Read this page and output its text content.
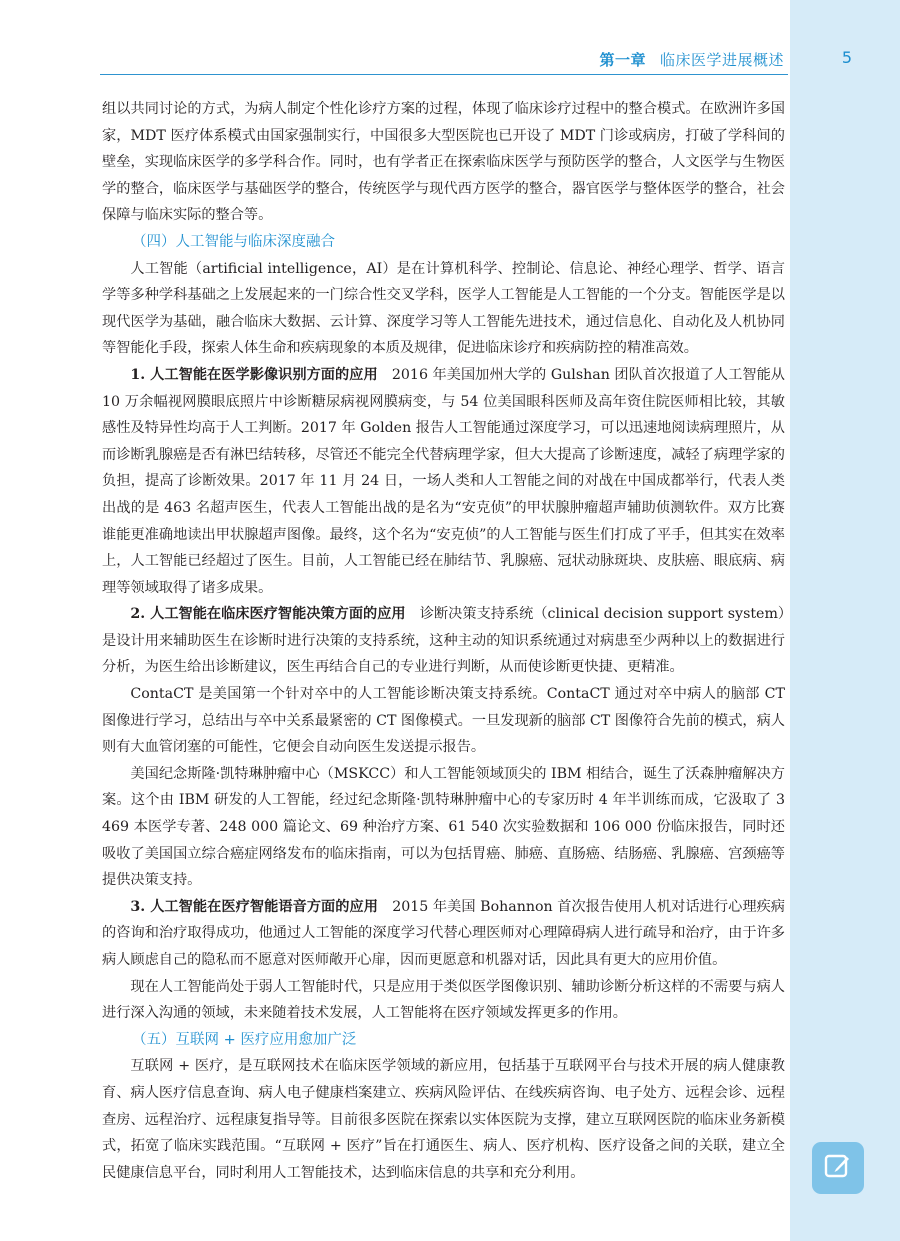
第一章 临床医学进展概述	5

组以共同讨论的方式，为病人制定个性化诊疗方案的过程，体现了临床诊疗过程中的整合模式。在欧洲许多国家，MDT 医疗体系模式由国家强制实行，中国很多大型医院也已开设了 MDT 门诊或病房，打破了学科间的壁垒，实现临床医学的多学科合作。同时，也有学者正在探索临床医学与预防医学的整合，人文医学与生物医学的整合，临床医学与基础医学的整合，传统医学与现代西方医学的整合，器官医学与整体医学的整合，社会保障与临床实际的整合等。

（四）人工智能与临床深度融合

人工智能（artificial intelligence，AI）是在计算机科学、控制论、信息论、神经心理学、哲学、语言学等多种学科基础之上发展起来的一门综合性交叉学科，医学人工智能是人工智能的一个分支。智能医学是以现代医学为基础，融合临床大数据、云计算、深度学习等人工智能先进技术，通过信息化、自动化及人机协同等智能化手段，探索人体生命和疾病现象的本质及规律，促进临床诊疗和疾病防控的精准高效。

1. 人工智能在医学影像识别方面的应用 2016 年美国加州大学的 Gulshan 团队首次报道了人工智能从 10 万余幅视网膜眼底照片中诊断糖尿病视网膜病变，与 54 位美国眼科医师及高年资住院医师相比较，其敏感性及特异性均高于人工判断。2017 年 Golden 报告人工智能通过深度学习，可以迅速地阅读病理照片，从而诊断乳腺癌是否有淋巴结转移，尽管还不能完全代替病理学家，但大大提高了诊断速度，减轻了病理学家的负担，提高了诊断效果。2017 年 11 月 24 日，一场人类和人工智能之间的对战在中国成都举行，代表人类出战的是 463 名超声医生，代表人工智能出战的是名为“安克侦”的甲状腺肿瘤超声辅助侦测软件。双方比赛谁能更准确地读出甲状腺超声图像。最终，这个名为“安克侦”的人工智能与医生们打成了平手，但其实在效率上，人工智能已经超过了医生。目前，人工智能已经在肺结节、乳腺癌、冠状动脉斑块、皮肤癌、眼底病、病理等领域取得了诸多成果。

2. 人工智能在临床医疗智能决策方面的应用 诊断决策支持系统（clinical decision support system）是设计用来辅助医生在诊断时进行决策的支持系统，这种主动的知识系统通过对病患至少两种以上的数据进行分析，为医生给出诊断建议，医生再结合自己的专业进行判断，从而使诊断更快捷、更精准。

ContaCT 是美国第一个针对卒中的人工智能诊断决策支持系统。ContaCT 通过对卒中病人的脑部 CT 图像进行学习，总结出与卒中关系最紧密的 CT 图像模式。一旦发现新的脑部 CT 图像符合先前的模式，病人则有大血管闭塞的可能性，它便会自动向医生发送提示报告。

美国纪念斯隆·凯特琳肿瘤中心（MSKCC）和人工智能领域顶尖的 IBM 相结合，诞生了沃森肿瘤解决方案。这个由 IBM 研发的人工智能，经过纪念斯隆·凯特琳肿瘤中心的专家历时 4 年半训练而成，它汲取了 3 469 本医学专著、248 000 篇论文、69 种治疗方案、61 540 次实验数据和 106 000 份临床报告，同时还吸收了美国国立综合癌症网络发布的临床指南，可以为包括胃癌、肺癌、直肠癌、结肠癌、乳腺癌、宫颈癌等提供决策支持。

3. 人工智能在医疗智能语音方面的应用 2015 年美国 Bohannon 首次报告使用人机对话进行心理疾病的咨询和治疗取得成功，他通过人工智能的深度学习代替心理医师对心理障碍病人进行疏导和治疗，由于许多病人顾虑自己的隐私而不愿意对医师敞开心扉，因而更愿意和机器对话，因此具有更大的应用价值。

现在人工智能尚处于弱人工智能时代，只是应用于类似医学图像识别、辅助诊断分析这样的不需要与病人进行深入沟通的领域，未来随着技术发展，人工智能将在医疗领域发挥更多的作用。

（五）互联网 + 医疗应用愈加广泛

互联网 + 医疗，是互联网技术在临床医学领域的新应用，包括基于互联网平台与技术开展的病人健康教育、病人医疗信息查询、病人电子健康档案建立、疾病风险评估、在线疾病咨询、电子处方、远程会诊、远程查房、远程治疗、远程康复指导等。目前很多医院在探索以实体医院为支撑，建立互联网医院的临床业务新模式，拓宽了临床实践范围。“互联网 + 医疗”旨在打通医生、病人、医疗机构、医疗设备之间的关联，建立全民健康信息平台，同时利用人工智能技术，达到临床信息的共享和充分利用。
